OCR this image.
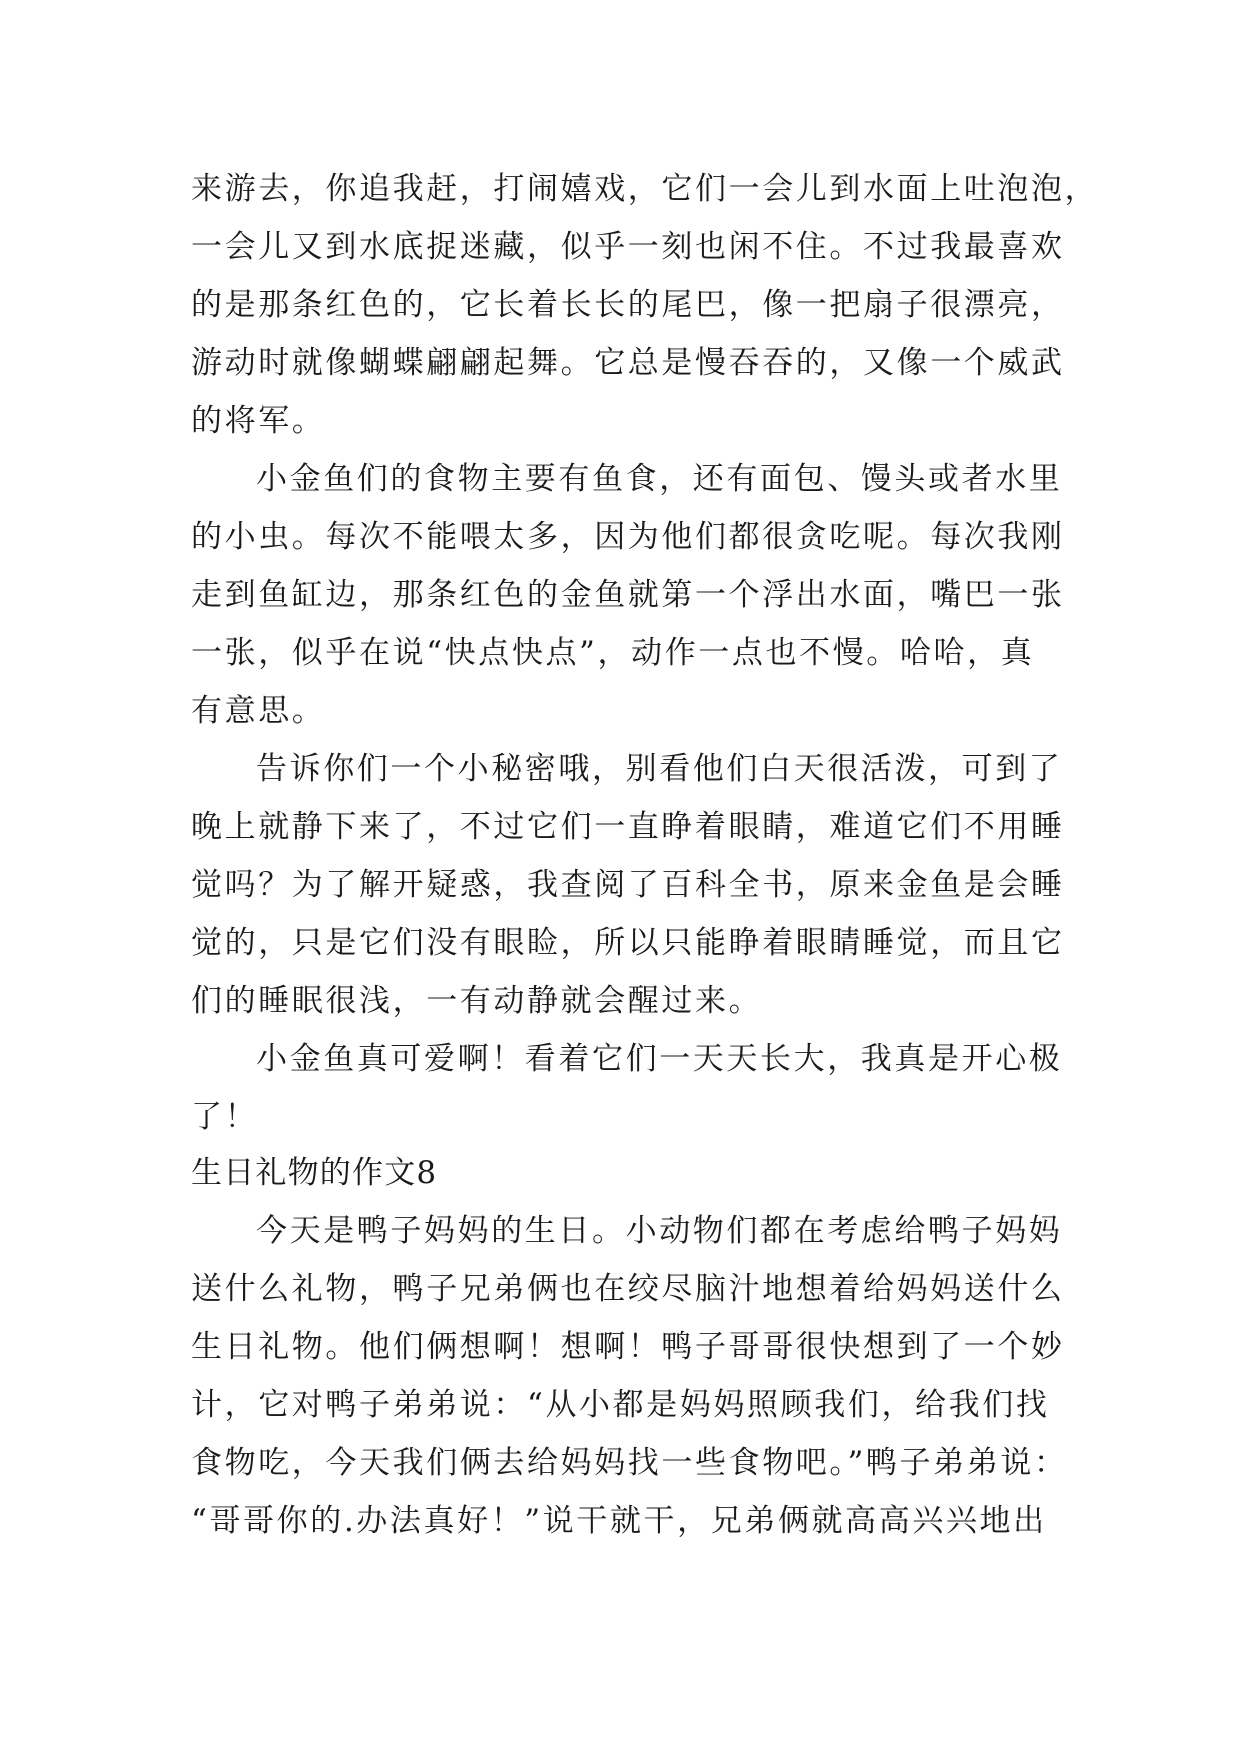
来游去，你追我赶，打闹嬉戏，它们一会儿到水面上吐泡泡，
一会儿又到水底捉迷藏，似乎一刻也闲不住。不过我最喜欢
的是那条红色的，它长着长长的尾巴，像一把扇子很漂亮，
游动时就像蝴蝶翩翩起舞。它总是慢吞吞的，又像一个威武
的将军。
小金鱼们的食物主要有鱼食，还有面包、馒头或者水里
的小虫。每次不能喂太多，因为他们都很贪吃呢。每次我刚
走到鱼缸边，那条红色的金鱼就第一个浮出水面，嘴巴一张
一张，似乎在说“快点快点”，动作一点也不慢。哈哈，真
有意思。
告诉你们一个小秘密哦，别看他们白天很活泼，可到了
晚上就静下来了，不过它们一直睁着眼睛，难道它们不用睡
觉吗？为了解开疑惑，我查阅了百科全书，原来金鱼是会睡
觉的，只是它们没有眼睑，所以只能睁着眼睛睡觉，而且它
们的睡眠很浅，一有动静就会醒过来。
小金鱼真可爱啊！看着它们一天天长大，我真是开心极
了！
生日礼物的作文8
今天是鸭子妈妈的生日。小动物们都在考虑给鸭子妈妈
送什么礼物，鸭子兄弟俩也在绞尽脑汁地想着给妈妈送什么
生日礼物。他们俩想啊！想啊！鸭子哥哥很快想到了一个妙
计，它对鸭子弟弟说：“从小都是妈妈照顾我们，给我们找
食物吃，今天我们俩去给妈妈找一些食物吧。”鸭子弟弟说：
“哥哥你的.办法真好！”说干就干，兄弟俩就高高兴兴地出
